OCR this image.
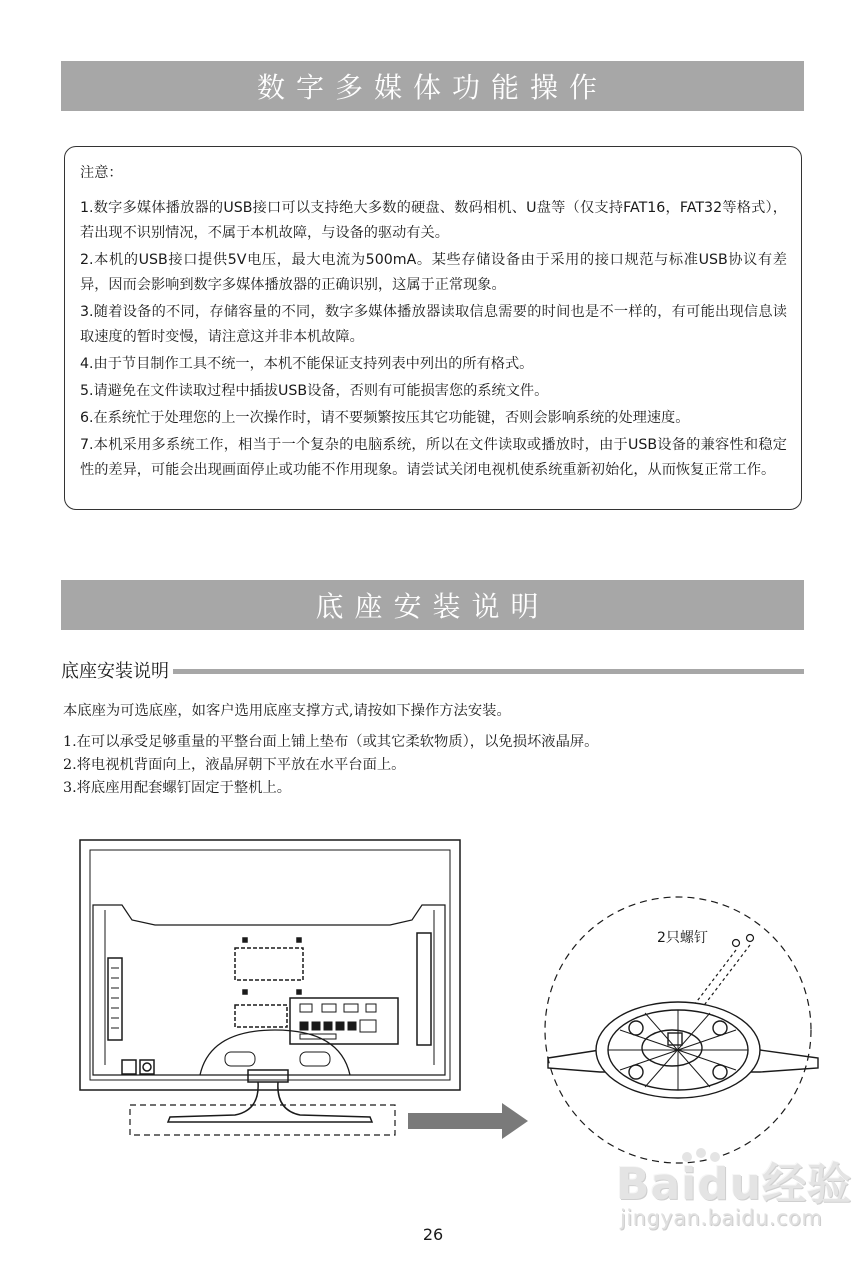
数字多媒体功能操作
注意：
1.数字多媒体播放器的USB接口可以支持绝大多数的硬盘、数码相机、U盘等（仅支持FAT16，FAT32等格式），若出现不识别情况，不属于本机故障，与设备的驱动有关。
2.本机的USB接口提供5V电压，最大电流为500mA。某些存储设备由于采用的接口规范与标准USB协议有差异，因而会影响到数字多媒体播放器的正确识别，这属于正常现象。
3.随着设备的不同，存储容量的不同，数字多媒体播放器读取信息需要的时间也是不一样的，有可能出现信息读取速度的暂时变慢，请注意这并非本机故障。
4.由于节目制作工具不统一，本机不能保证支持列表中列出的所有格式。
5.请避免在文件读取过程中插拔USB设备，否则有可能损害您的系统文件。
6.在系统忙于处理您的上一次操作时，请不要频繁按压其它功能键，否则会影响系统的处理速度。
7.本机采用多系统工作，相当于一个复杂的电脑系统，所以在文件读取或播放时，由于USB设备的兼容性和稳定性的差异，可能会出现画面停止或功能不作用现象。请尝试关闭电视机使系统重新初始化，从而恢复正常工作。
底座安装说明
底座安装说明
本底座为可选底座，如客户选用底座支撑方式,请按如下操作方法安装。
1.在可以承受足够重量的平整台面上铺上垫布（或其它柔软物质），以免损坏液晶屏。
2.将电视机背面向上，液晶屏朝下平放在水平台面上。
3.将底座用配套螺钉固定于整机上。
2只螺钉
26
Baidu经验
jingyan.baidu.com
